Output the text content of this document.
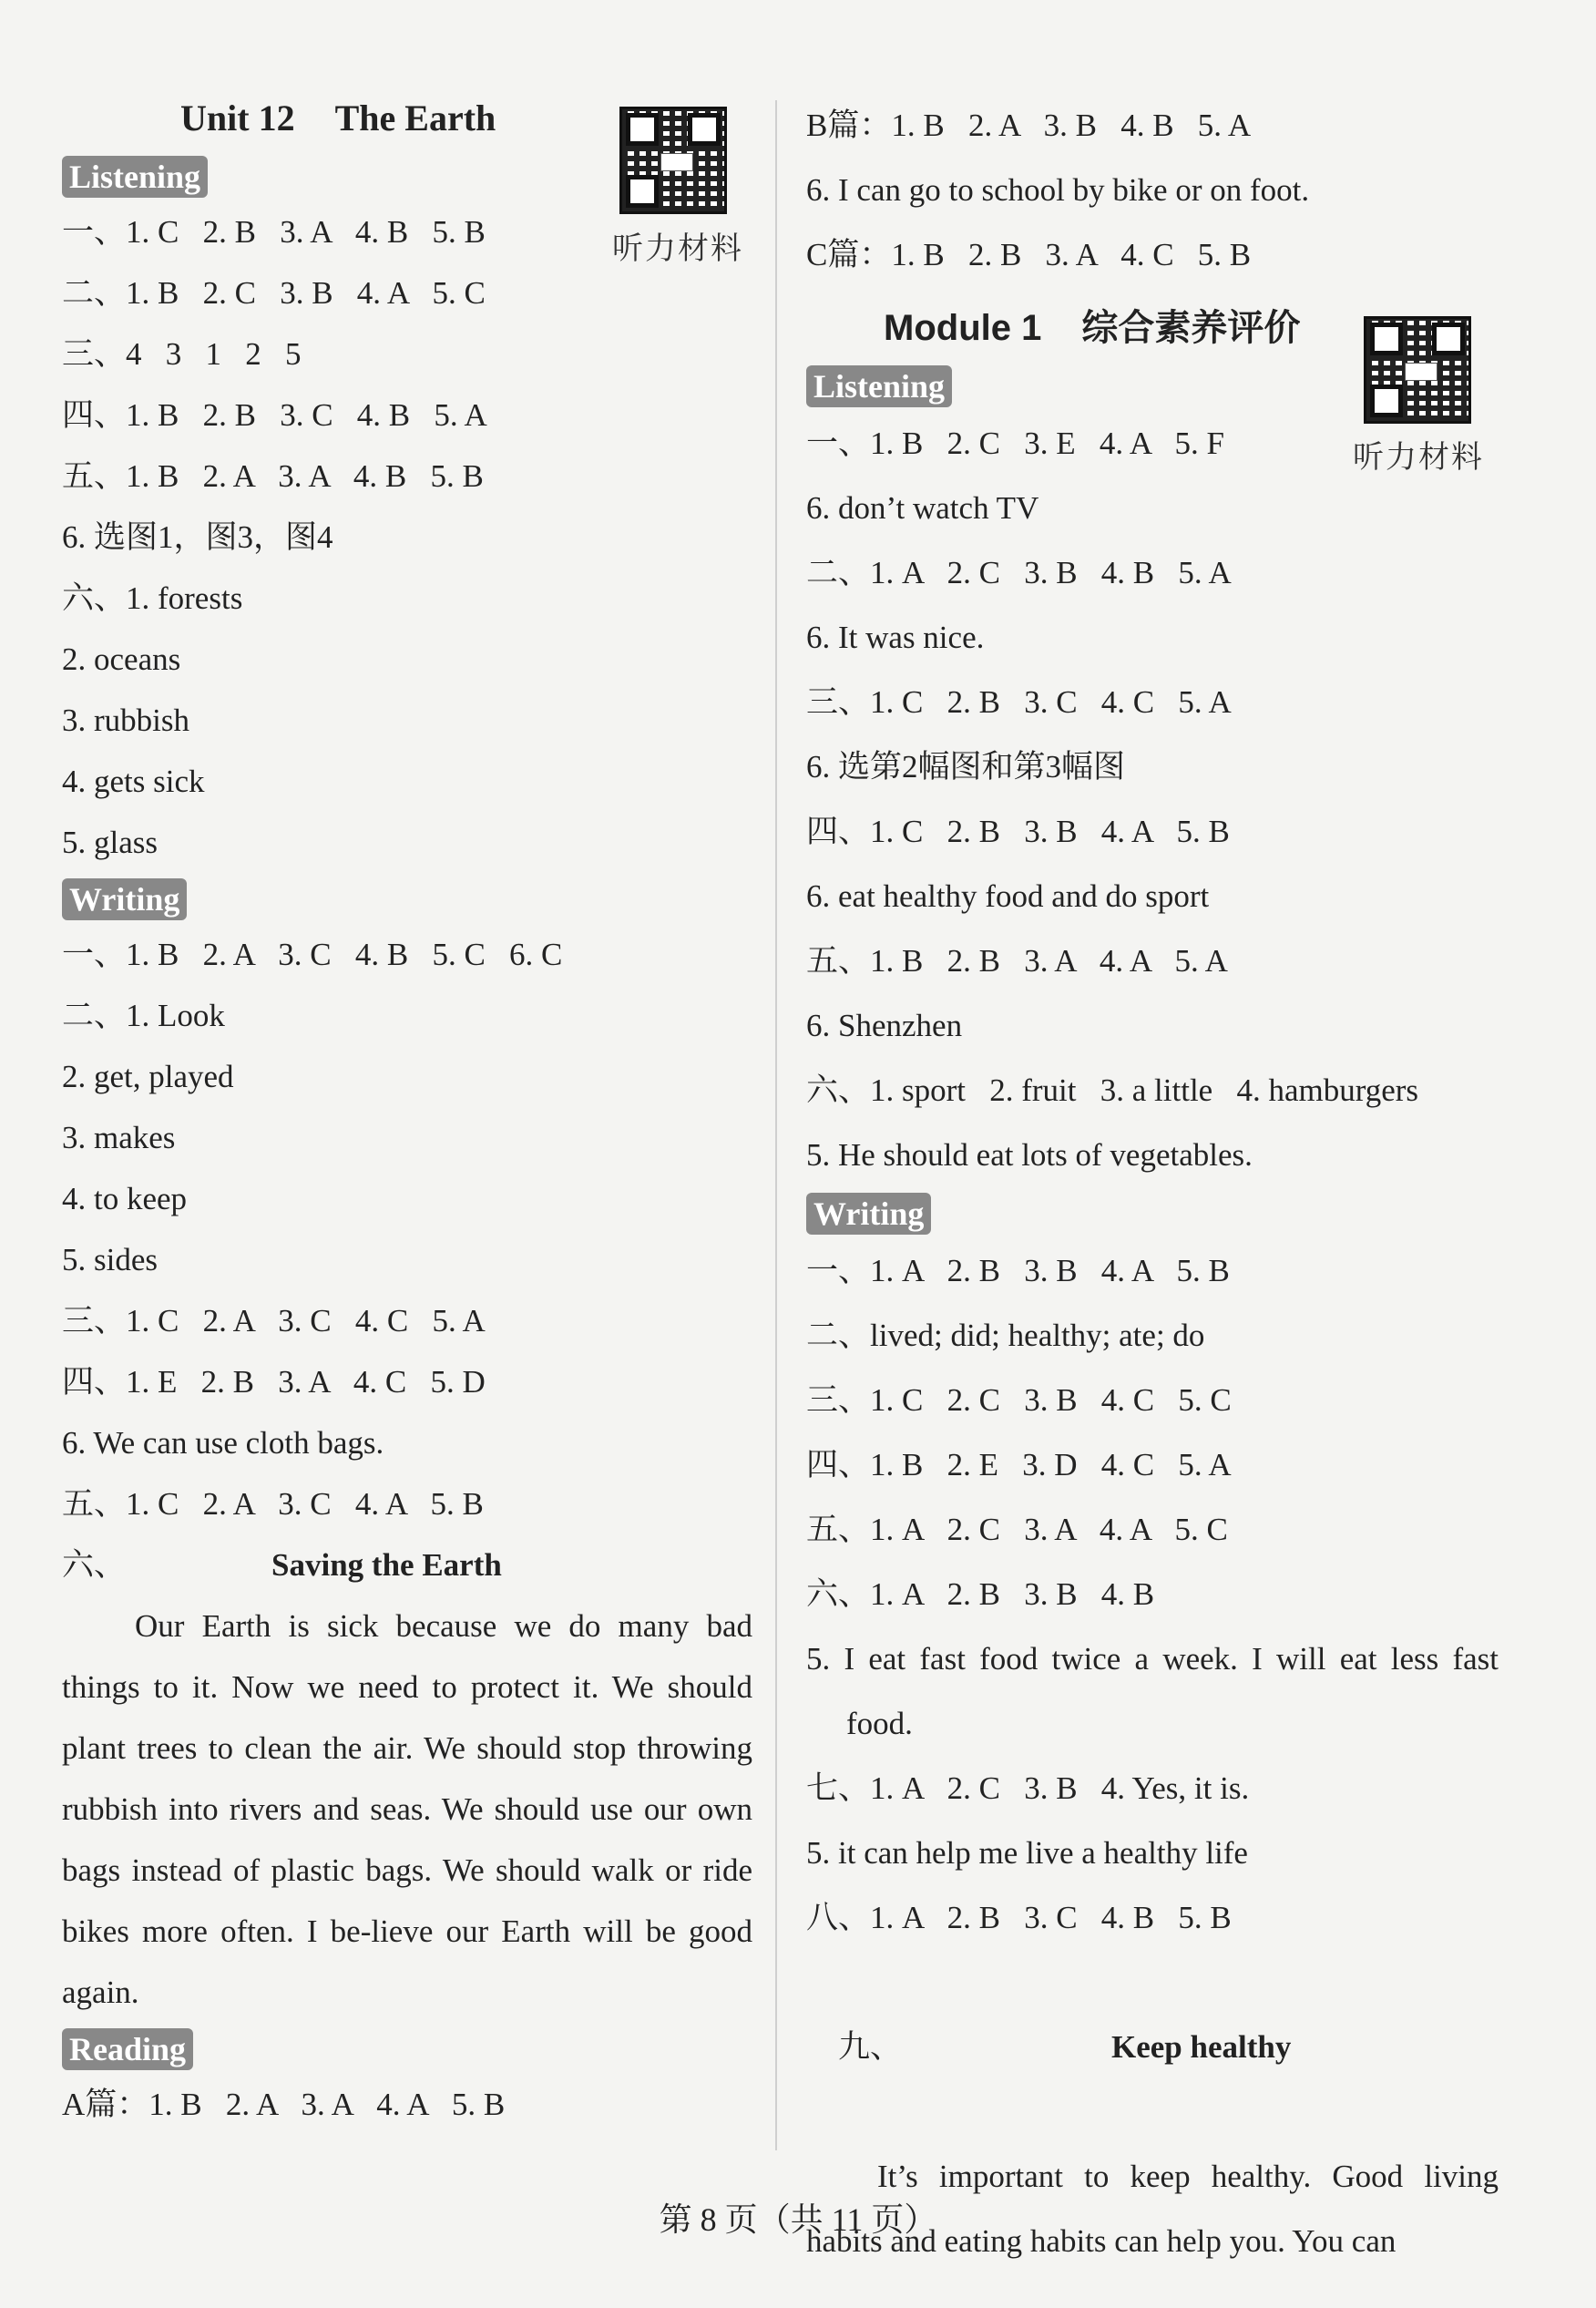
Unit 12 The Earth
听力材料
Listening
一、1. C   2. B   3. A   4. B   5. B
二、1. B   2. C   3. B   4. A   5. C
三、4   3   1   2   5
四、1. B   2. B   3. C   4. B   5. A
五、1. B   2. A   3. A   4. B   5. B
6. 选图1，图3，图4
六、1. forests
2. oceans
3. rubbish
4. gets sick
5. glass
Writing
一、1. B   2. A   3. C   4. B   5. C   6. C
二、1. Look
2. get, played
3. makes
4. to keep
5. sides
三、1. C   2. A   3. C   4. C   5. A
四、1. E   2. B   3. A   4. C   5. D
6. We can use cloth bags.
五、1. C   2. A   3. C   4. A   5. B
六、	Saving the Earth

Our Earth is sick because we do many bad things to it. Now we need to protect it. We should plant trees to clean the air. We should stop throwing rubbish into rivers and seas. We should use our own bags instead of plastic bags. We should walk or ride bikes more often. I be-lieve our Earth will be good again.

Reading
A篇：1. B   2. A   3. A   4. A   5. B
B篇：1. B   2. A   3. B   4. B   5. A
6. I can go to school by bike or on foot.
C篇：1. B   2. B   3. A   4. C   5. B
Module 1 综合素养评价
听力材料
Listening
一、1. B   2. C   3. E   4. A   5. F
6. don’t watch TV
二、1. A   2. C   3. B   4. B   5. A
6. It was nice.
三、1. C   2. B   3. C   4. C   5. A
6. 选第2幅图和第3幅图
四、1. C   2. B   3. B   4. A   5. B
6. eat healthy food and do sport
五、1. B   2. B   3. A   4. A   5. A
6. Shenzhen
六、1. sport   2. fruit   3. a little   4. hamburgers
5. He should eat lots of vegetables.
Writing
一、1. A   2. B   3. B   4. A   5. B
二、lived; did; healthy; ate; do
三、1. C   2. C   3. B   4. C   5. C
四、1. B   2. E   3. D   4. C   5. A
五、1. A   2. C   3. A   4. A   5. C
六、1. A   2. B   3. B   4. B
5. I eat fast food twice a week. I will eat less fast food.
七、1. A   2. C   3. B   4. Yes, it is.
5. it can help me live a healthy life
八、1. A   2. B   3. C   4. B   5. B

九、	Keep healthy

It’s important to keep healthy. Good living habits and eating habits can help you. You can

第 8 页（共 11 页）
